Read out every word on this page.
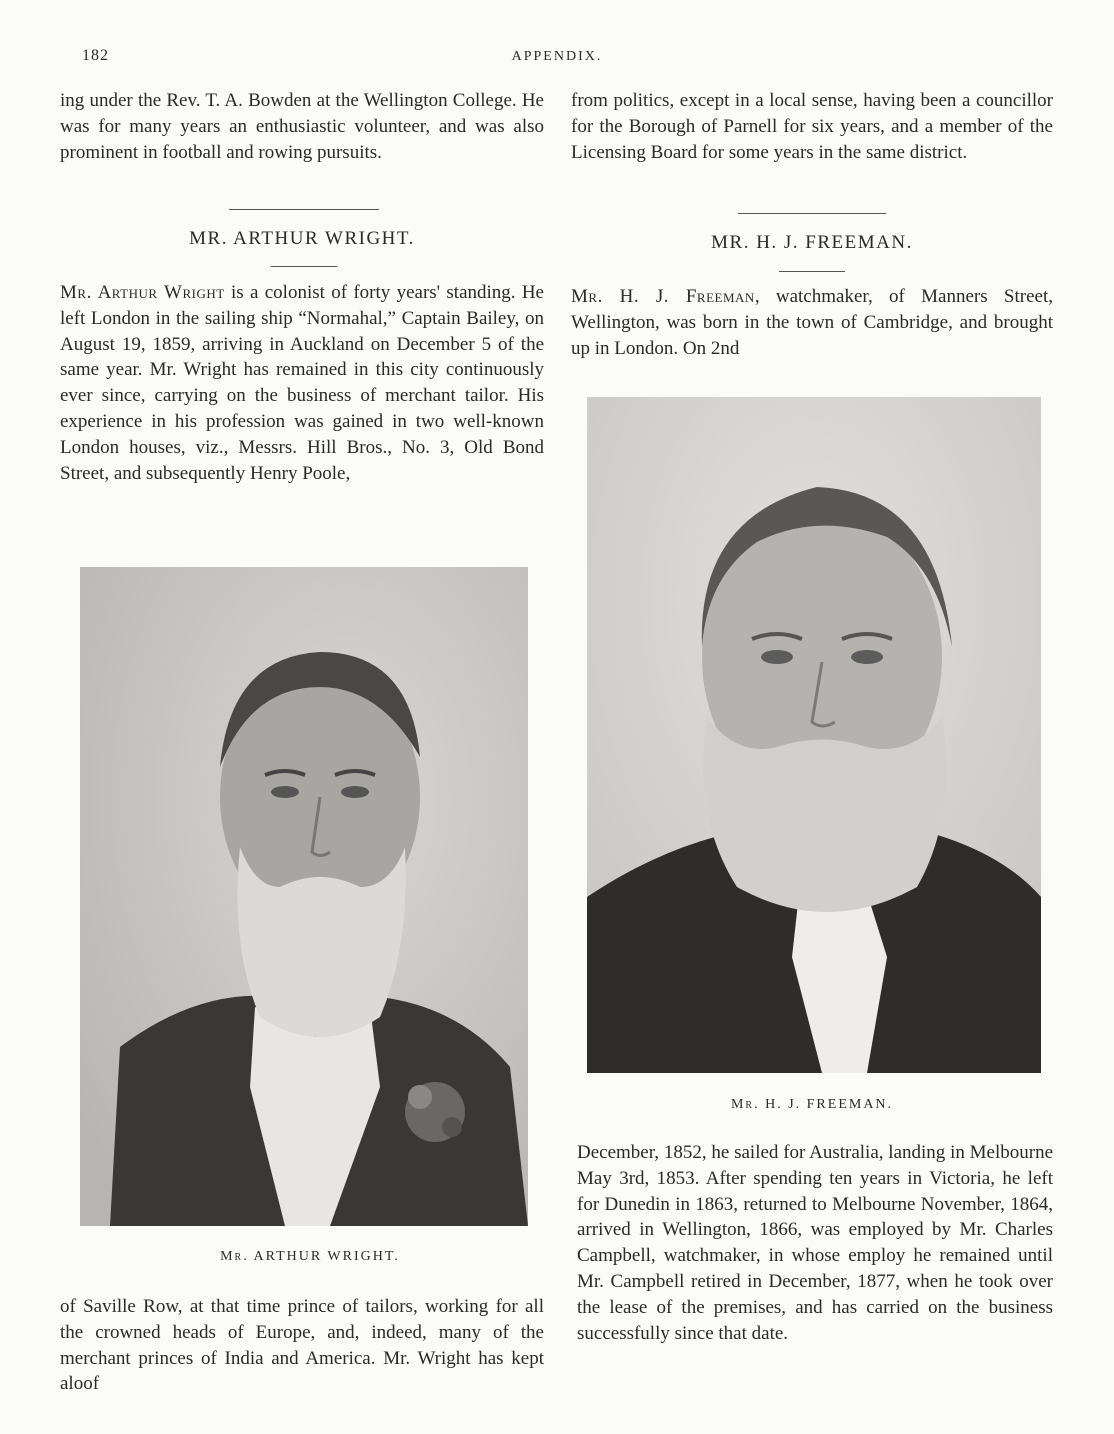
182	APPENDIX.

ing under the Rev. T. A. Bowden at the Wellington College. He was for many years an enthusiastic volunteer, and was also prominent in football and rowing pursuits.

MR. ARTHUR WRIGHT.

Mr. Arthur Wright is a colonist of forty years' standing. He left London in the sailing ship “Normahal,” Captain Bailey, on August 19, 1859, arriving in Auckland on December 5 of the same year. Mr. Wright has remained in this city continuously ever since, carrying on the business of merchant tailor. His experience in his profession was gained in two well-known London houses, viz., Messrs. Hill Bros., No. 3, Old Bond Street, and subsequently Henry Poole,

Mr. ARTHUR WRIGHT.

of Saville Row, at that time prince of tailors, working for all the crowned heads of Europe, and, indeed, many of the merchant princes of India and America. Mr. Wright has kept aloof

from politics, except in a local sense, having been a councillor for the Borough of Parnell for six years, and a member of the Licensing Board for some years in the same district.

MR. H. J. FREEMAN.

Mr. H. J. Freeman, watchmaker, of Manners Street, Wellington, was born in the town of Cambridge, and brought up in London. On 2nd

Mr. H. J. FREEMAN.

December, 1852, he sailed for Australia, landing in Melbourne May 3rd, 1853. After spending ten years in Victoria, he left for Dunedin in 1863, returned to Melbourne November, 1864, arrived in Wellington, 1866, was employed by Mr. Charles Campbell, watchmaker, in whose employ he remained until Mr. Campbell retired in December, 1877, when he took over the lease of the premises, and has carried on the business successfully since that date.
